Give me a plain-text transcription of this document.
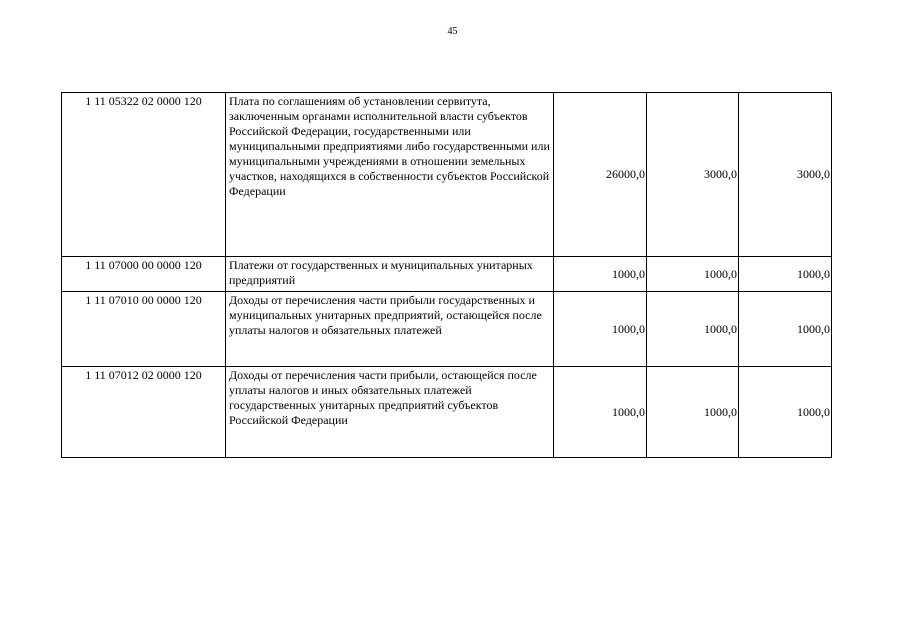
45
1 11 05322 02 0000 120	Плата по соглашениям об установлении сервитута, заключенным органами исполнительной власти субъектов Российской Федерации, государственными или муниципальными предприятиями либо государственными или муниципальными учреждениями в отношении земельных участков, находящихся в собственности субъектов Российской Федерации	26000,0	3000,0	3000,0
1 11 07000 00 0000 120	Платежи от государственных и муниципальных унитарных предприятий	1000,0	1000,0	1000,0
1 11 07010 00 0000 120	Доходы от перечисления части прибыли государственных и муниципальных унитарных предприятий, остающейся после уплаты налогов и обязательных платежей	1000,0	1000,0	1000,0
1 11 07012 02 0000 120	Доходы от перечисления части прибыли, остающейся после уплаты налогов и иных обязательных платежей государственных унитарных предприятий субъектов Российской Федерации	1000,0	1000,0	1000,0
